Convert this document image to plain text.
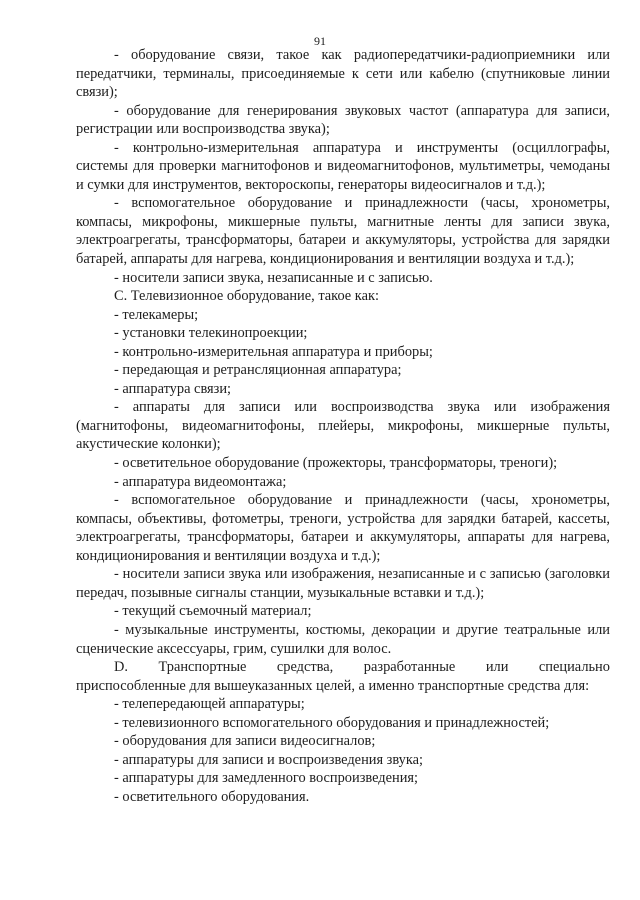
91

- оборудование связи, такое как радиопередатчики-радиоприемники или передатчики, терминалы, присоединяемые к сети или кабелю (спутниковые линии связи);

- оборудование для генерирования звуковых частот (аппаратура для записи, регистрации или воспроизводства звука);

- контрольно-измерительная аппаратура и инструменты (осциллографы, системы для проверки магнитофонов и видеомагнитофонов, мультиметры, чемоданы и сумки для инструментов, вектороскопы, генераторы видеосигналов и т.д.);

- вспомогательное оборудование и принадлежности (часы, хронометры, компасы, микрофоны, микшерные пульты, магнитные ленты для записи звука, электроагрегаты, трансформаторы, батареи и аккумуляторы, устройства для зарядки батарей, аппараты для нагрева, кондиционирования и вентиляции воздуха и т.д.);

- носители записи звука, незаписанные и с записью.

C. Телевизионное оборудование, такое как:

- телекамеры;

- установки телекинопроекции;

- контрольно-измерительная аппаратура и приборы;

- передающая и ретрансляционная аппаратура;

- аппаратура связи;

- аппараты для записи или воспроизводства звука или изображения (магнитофоны, видеомагнитофоны, плейеры, микрофоны, микшерные пульты, акустические колонки);

- осветительное оборудование (прожекторы, трансформаторы, треноги);

- аппаратура видеомонтажа;

- вспомогательное оборудование и принадлежности (часы, хронометры, компасы, объективы, фотометры, треноги, устройства для зарядки батарей, кассеты, электроагрегаты, трансформаторы, батареи и аккумуляторы, аппараты для нагрева, кондиционирования и вентиляции воздуха и т.д.);

- носители записи звука или изображения, незаписанные и с записью (заголовки передач, позывные сигналы станции, музыкальные вставки и т.д.);

- текущий съемочный материал;

- музыкальные инструменты, костюмы, декорации и другие театральные или сценические аксессуары, грим, сушилки для волос.

D. Транспортные средства, разработанные или специально
приспособленные для вышеуказанных целей, а именно транспортные средства для:

- телепередающей аппаратуры;

- телевизионного вспомогательного оборудования и принадлежностей;

- оборудования для записи видеосигналов;

- аппаратуры для записи и воспроизведения звука;

- аппаратуры для замедленного воспроизведения;

- осветительного оборудования.
